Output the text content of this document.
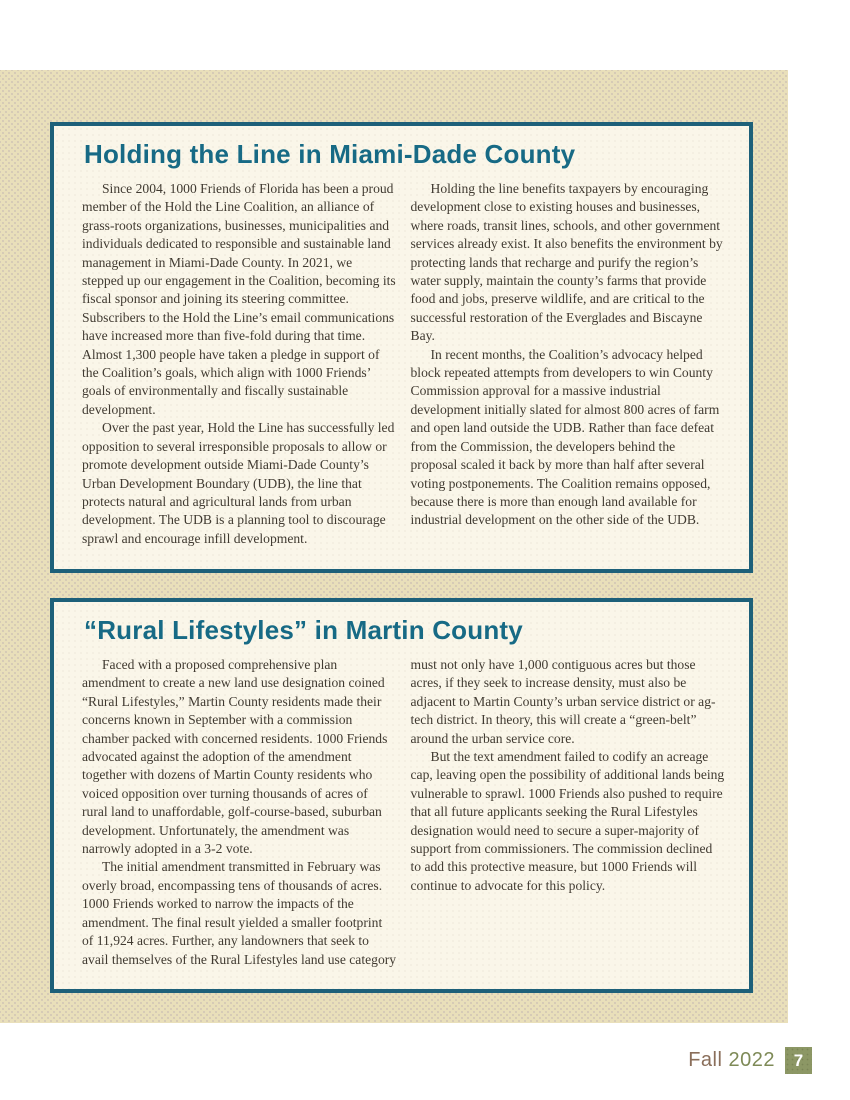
Holding the Line in Miami-Dade County

Since 2004, 1000 Friends of Florida has been a proud member of the Hold the Line Coalition, an alliance of grass-roots organizations, businesses, municipalities and individuals dedicated to responsible and sustainable land management in Miami-Dade County. In 2021, we stepped up our engagement in the Coalition, becoming its fiscal sponsor and joining its steering committee. Subscribers to the Hold the Line’s email communications have increased more than five-fold during that time. Almost 1,300 people have taken a pledge in support of the Coalition’s goals, which align with 1000 Friends’ goals of environmentally and fiscally sustainable development.

Over the past year, Hold the Line has successfully led opposition to several irresponsible proposals to allow or promote development outside Miami-Dade County’s Urban Development Boundary (UDB), the line that protects natural and agricultural lands from urban development. The UDB is a planning tool to discourage sprawl and encourage infill development.

Holding the line benefits taxpayers by encouraging development close to existing houses and businesses, where roads, transit lines, schools, and other government services already exist. It also benefits the environment by protecting lands that recharge and purify the region’s water supply, maintain the county’s farms that provide food and jobs, preserve wildlife, and are critical to the successful restoration of the Everglades and Biscayne Bay.

In recent months, the Coalition’s advocacy helped block repeated attempts from developers to win County Commission approval for a massive industrial development initially slated for almost 800 acres of farm and open land outside the UDB. Rather than face defeat from the Commission, the developers behind the proposal scaled it back by more than half after several voting postponements. The Coalition remains opposed, because there is more than enough land available for industrial development on the other side of the UDB.

“Rural Lifestyles” in Martin County

Faced with a proposed comprehensive plan amendment to create a new land use designation coined “Rural Lifestyles,” Martin County residents made their concerns known in September with a commission chamber packed with concerned residents. 1000 Friends advocated against the adoption of the amendment together with dozens of Martin County residents who voiced opposition over turning thousands of acres of rural land to unaffordable, golf-course-based, suburban development. Unfortunately, the amendment was narrowly adopted in a 3-2 vote.

The initial amendment transmitted in February was overly broad, encompassing tens of thousands of acres. 1000 Friends worked to narrow the impacts of the amendment. The final result yielded a smaller footprint of 11,924 acres. Further, any landowners that seek to avail themselves of the Rural Lifestyles land use category must not only have 1,000 contiguous acres but those acres, if they seek to increase density, must also be adjacent to Martin County’s urban service district or ag-tech district. In theory, this will create a “green-belt” around the urban service core.

But the text amendment failed to codify an acreage cap, leaving open the possibility of additional lands being vulnerable to sprawl. 1000 Friends also pushed to require that all future applicants seeking the Rural Lifestyles designation would need to secure a super-majority of support from commissioners. The commission declined to add this protective measure, but 1000 Friends will continue to advocate for this policy.

Fall 2022	7
